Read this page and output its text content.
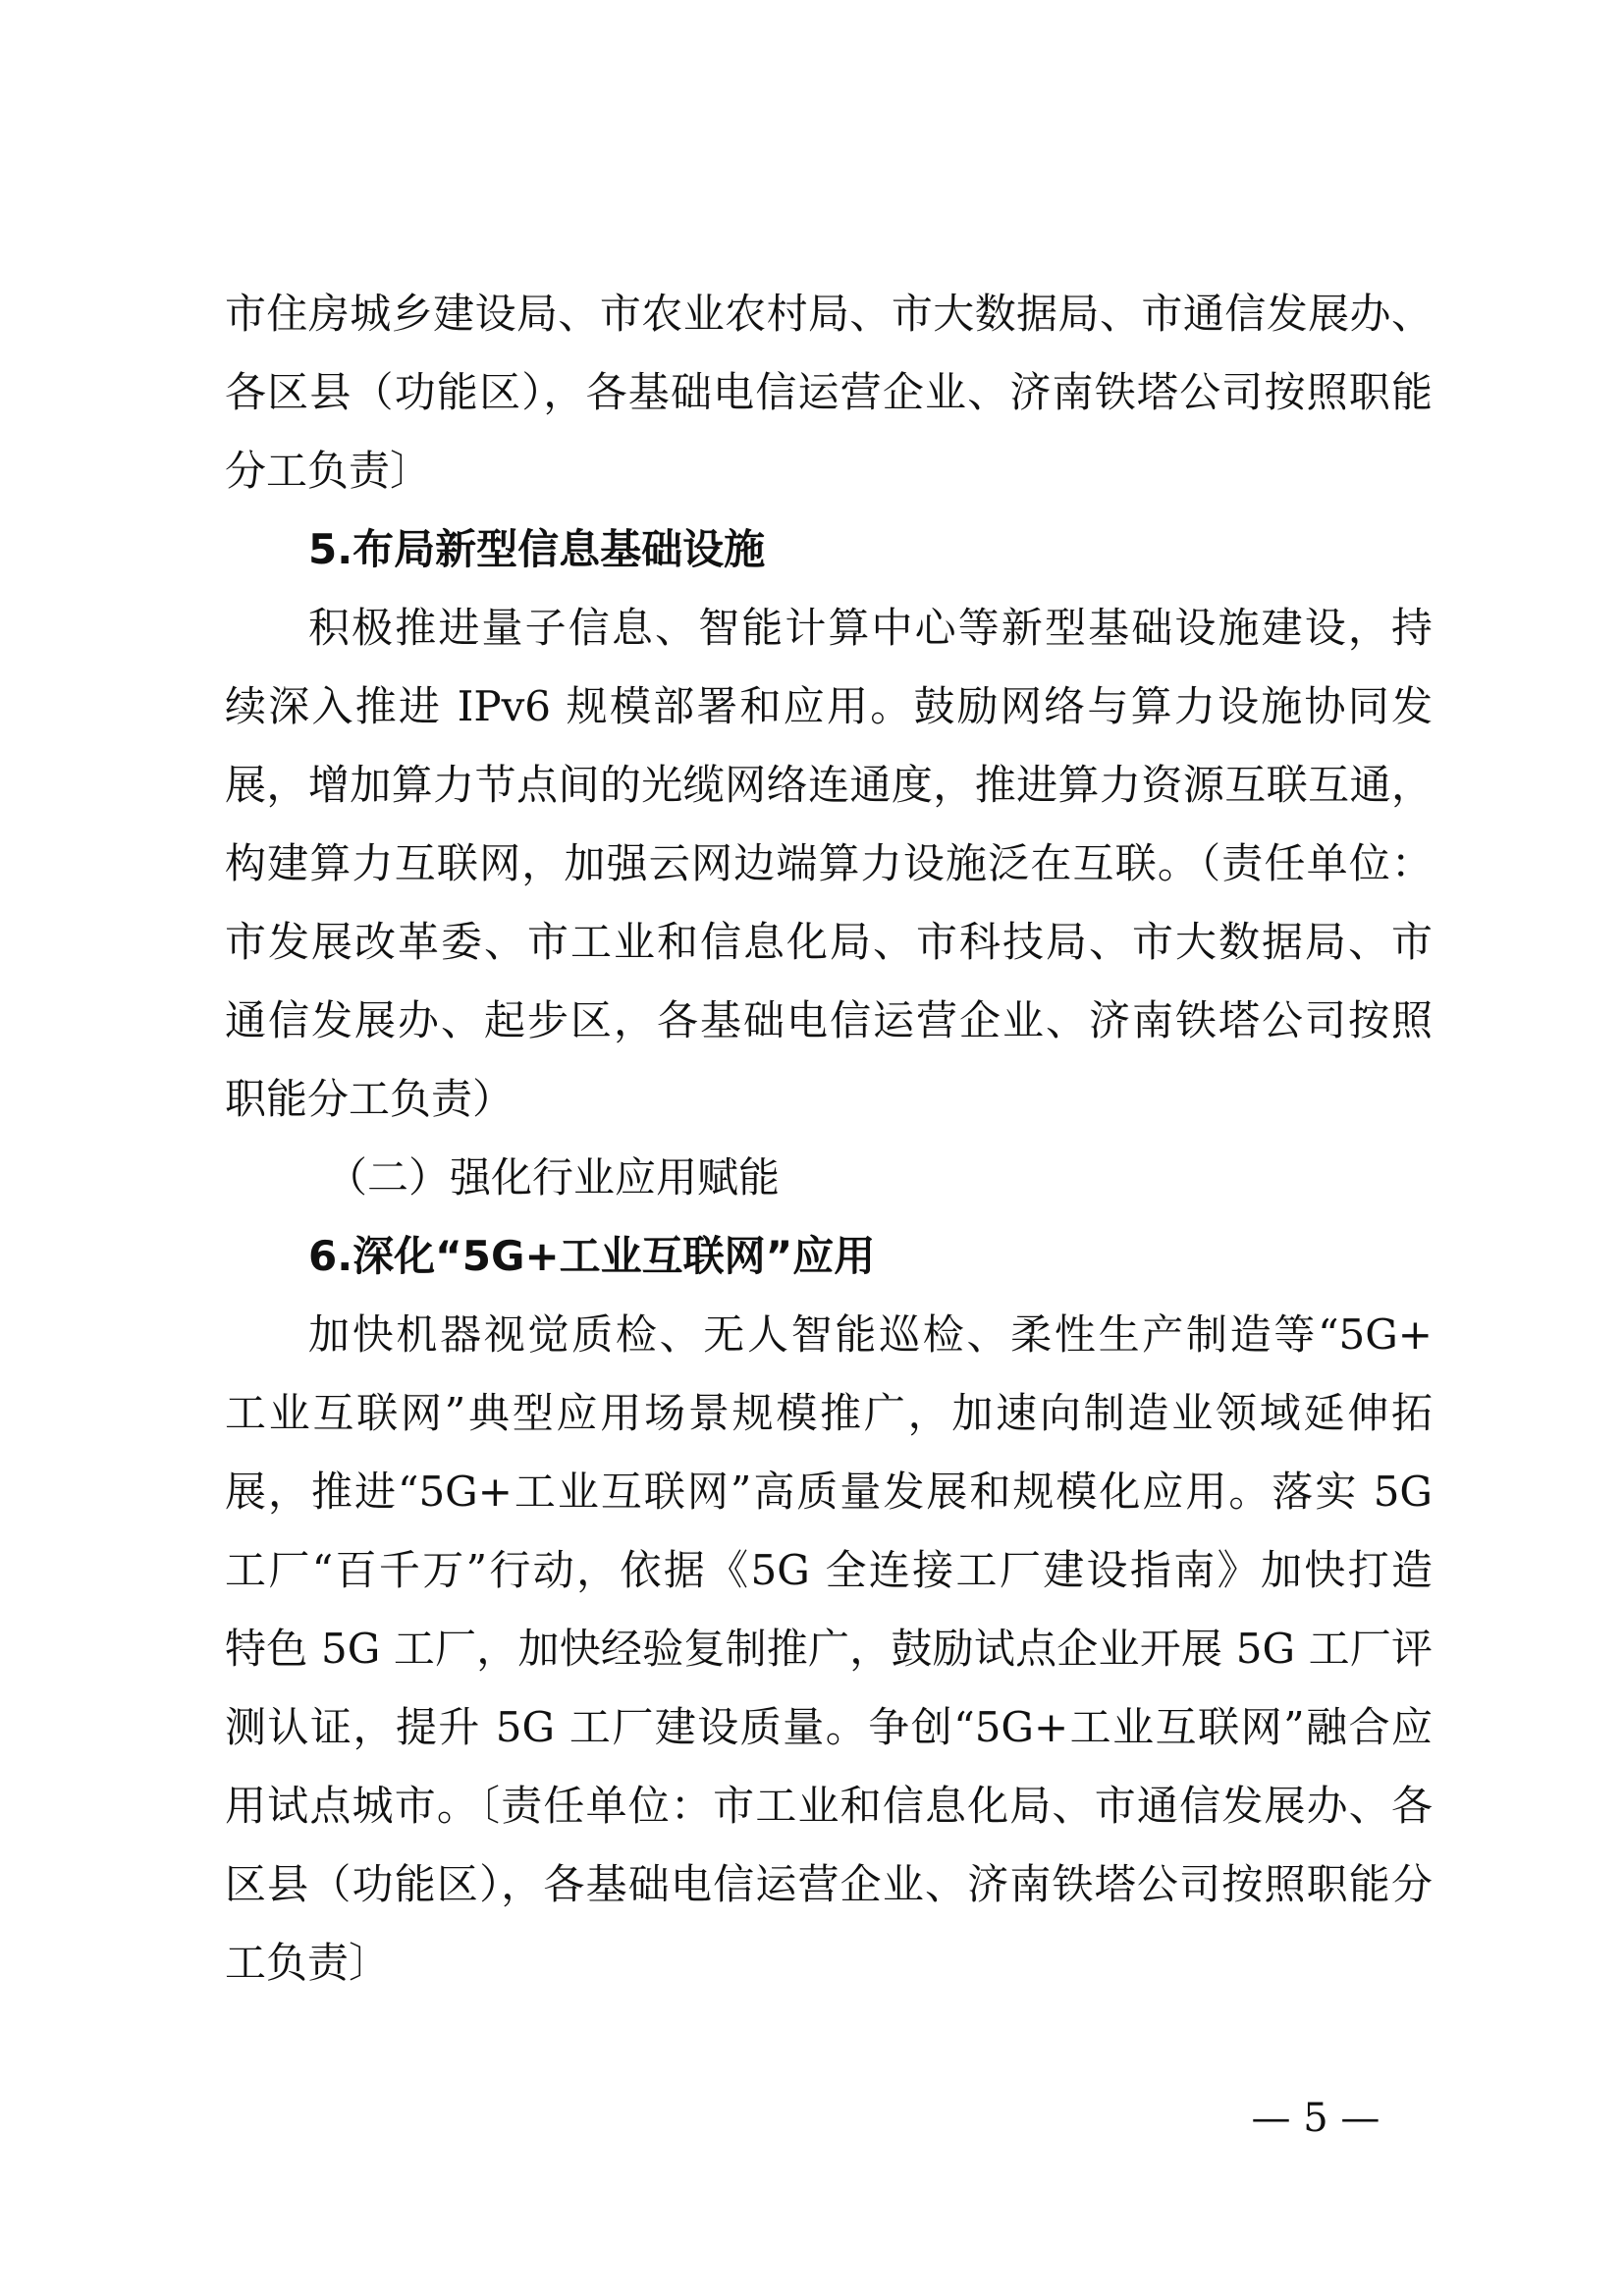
市住房城乡建设局、市农业农村局、市大数据局、市通信发展办、
各区县（功能区），各基础电信运营企业、济南铁塔公司按照职能
分工负责〕
5.布局新型信息基础设施
积极推进量子信息、智能计算中心等新型基础设施建设，持
续深入推进 IPv6 规模部署和应用。鼓励网络与算力设施协同发
展，增加算力节点间的光缆网络连通度，推进算力资源互联互通，
构建算力互联网，加强云网边端算力设施泛在互联。（责任单位：
市发展改革委、市工业和信息化局、市科技局、市大数据局、市
通信发展办、起步区，各基础电信运营企业、济南铁塔公司按照
职能分工负责）
（二）强化行业应用赋能
6.深化“5G+工业互联网”应用
加快机器视觉质检、无人智能巡检、柔性生产制造等“5G+
工业互联网”典型应用场景规模推广，加速向制造业领域延伸拓
展，推进“5G+工业互联网”高质量发展和规模化应用。落实 5G
工厂“百千万”行动，依据《5G 全连接工厂建设指南》加快打造
特色 5G 工厂，加快经验复制推广，鼓励试点企业开展 5G 工厂评
测认证，提升 5G 工厂建设质量。争创“5G+工业互联网”融合应
用试点城市。〔责任单位：市工业和信息化局、市通信发展办、各
区县（功能区），各基础电信运营企业、济南铁塔公司按照职能分
工负责〕
— 5 —
